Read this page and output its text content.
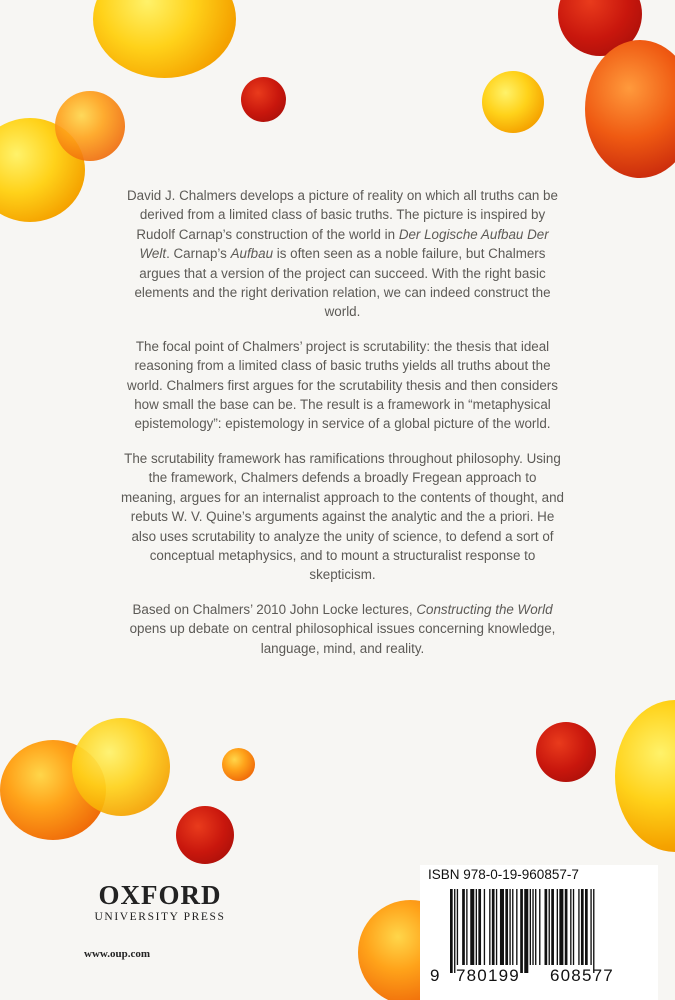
David J. Chalmers develops a picture of reality on which all truths can be derived from a limited class of basic truths. The picture is inspired by Rudolf Carnap’s construction of the world in Der Logische Aufbau Der Welt. Carnap’s Aufbau is often seen as a noble failure, but Chalmers argues that a version of the project can succeed. With the right basic elements and the right derivation relation, we can indeed construct the world.

The focal point of Chalmers’ project is scrutability: the thesis that ideal reasoning from a limited class of basic truths yields all truths about the world. Chalmers first argues for the scrutability thesis and then considers how small the base can be. The result is a framework in “metaphysical epistemology”: epistemology in service of a global picture of the world.

The scrutability framework has ramifications throughout philosophy. Using the framework, Chalmers defends a broadly Fregean approach to meaning, argues for an internalist approach to the contents of thought, and rebuts W. V. Quine’s arguments against the analytic and the a priori. He also uses scrutability to analyze the unity of science, to defend a sort of conceptual metaphysics, and to mount a structuralist response to skepticism.

Based on Chalmers’ 2010 John Locke lectures, Constructing the World opens up debate on central philosophical issues concerning knowledge, language, mind, and reality.

OXFORD
UNIVERSITY PRESS
www.oup.com
ISBN 978-0-19-960857-7
9 780199 608577
